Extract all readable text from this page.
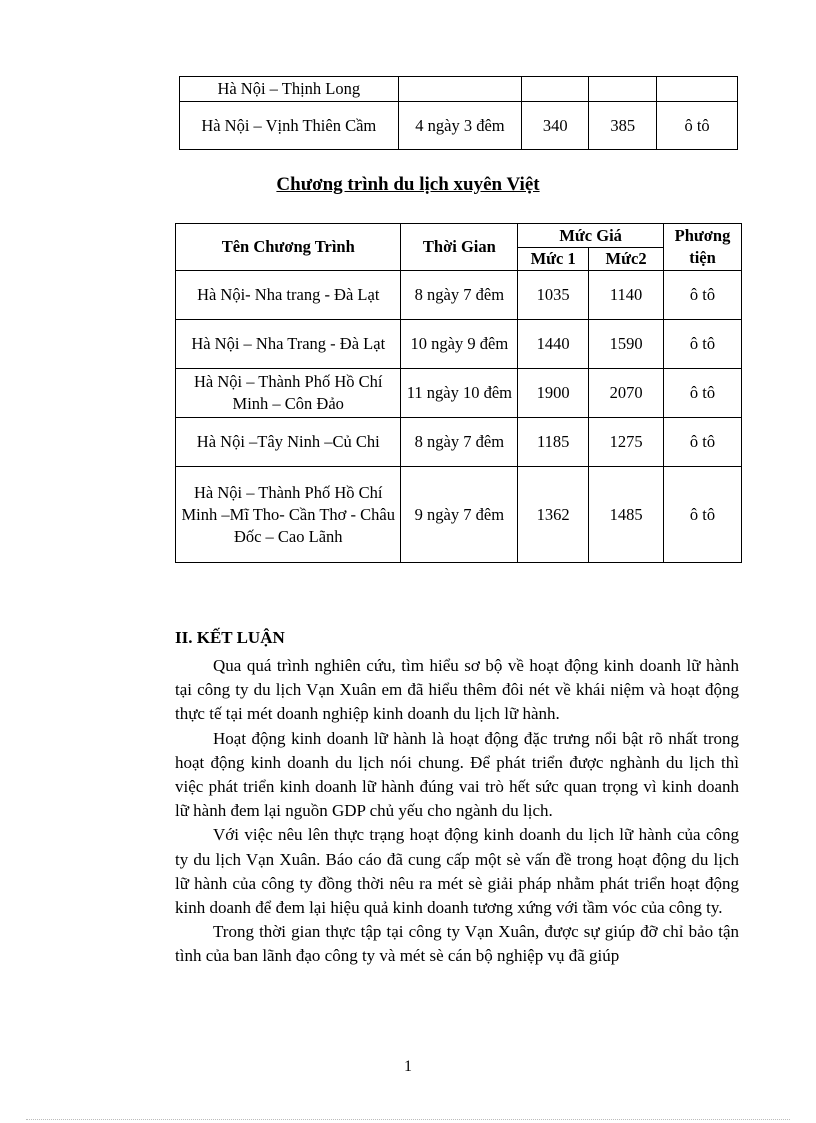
Hà Nội – Thịnh Long				
Hà Nội – Vịnh Thiên Cầm	4 ngày 3 đêm	340	385	ô tô
Chương trình du lịch xuyên Việt
Tên Chương Trình	Thời Gian	Mức Giá		Phương tiện
		Mức 1	Mức2	
Hà Nội- Nha trang - Đà Lạt	8 ngày 7 đêm	1035	1140	ô tô
Hà Nội – Nha Trang - Đà Lạt	10 ngày 9 đêm	1440	1590	ô tô
Hà Nội – Thành Phố Hồ Chí Minh – Côn Đảo	11 ngày 10 đêm	1900	2070	ô tô
Hà Nội –Tây Ninh –Củ Chi	8 ngày 7 đêm	1185	1275	ô tô
Hà Nội – Thành Phố Hồ Chí Minh –Mĩ Tho- Cần Thơ - Châu Đốc – Cao Lãnh	9 ngày 7 đêm	1362	1485	ô tô
II. KẾT LUẬN

Qua quá trình nghiên cứu, tìm hiểu sơ bộ về hoạt động kinh doanh lữ hành tại công ty du lịch Vạn Xuân em đã hiểu thêm đôi nét về khái niệm và hoạt động thực tế tại mét doanh nghiệp kinh doanh du lịch lữ hành.

Hoạt động kinh doanh lữ hành là hoạt động đặc trưng nổi bật rõ nhất trong hoạt động kinh doanh du lịch nói chung. Để phát triển được nghành du lịch thì việc phát triển kinh doanh lữ hành đúng vai trò hết sức quan trọng vì kinh doanh lữ hành đem lại nguồn GDP chủ yếu cho ngành du lịch.

Với việc nêu lên thực trạng hoạt động kinh doanh du lịch lữ hành của công ty du lịch Vạn Xuân. Báo cáo đã cung cấp một sè vấn đề trong hoạt động du lịch lữ hành của công ty đồng thời nêu ra mét sè giải pháp nhằm phát triển hoạt động kinh doanh để đem lại hiệu quả kinh doanh tương xứng với tầm vóc của công ty.

Trong thời gian thực tập tại công ty Vạn Xuân, được sự giúp đỡ chỉ bảo tận tình của ban lãnh đạo công ty và mét sè cán bộ nghiệp vụ đã giúp

1
